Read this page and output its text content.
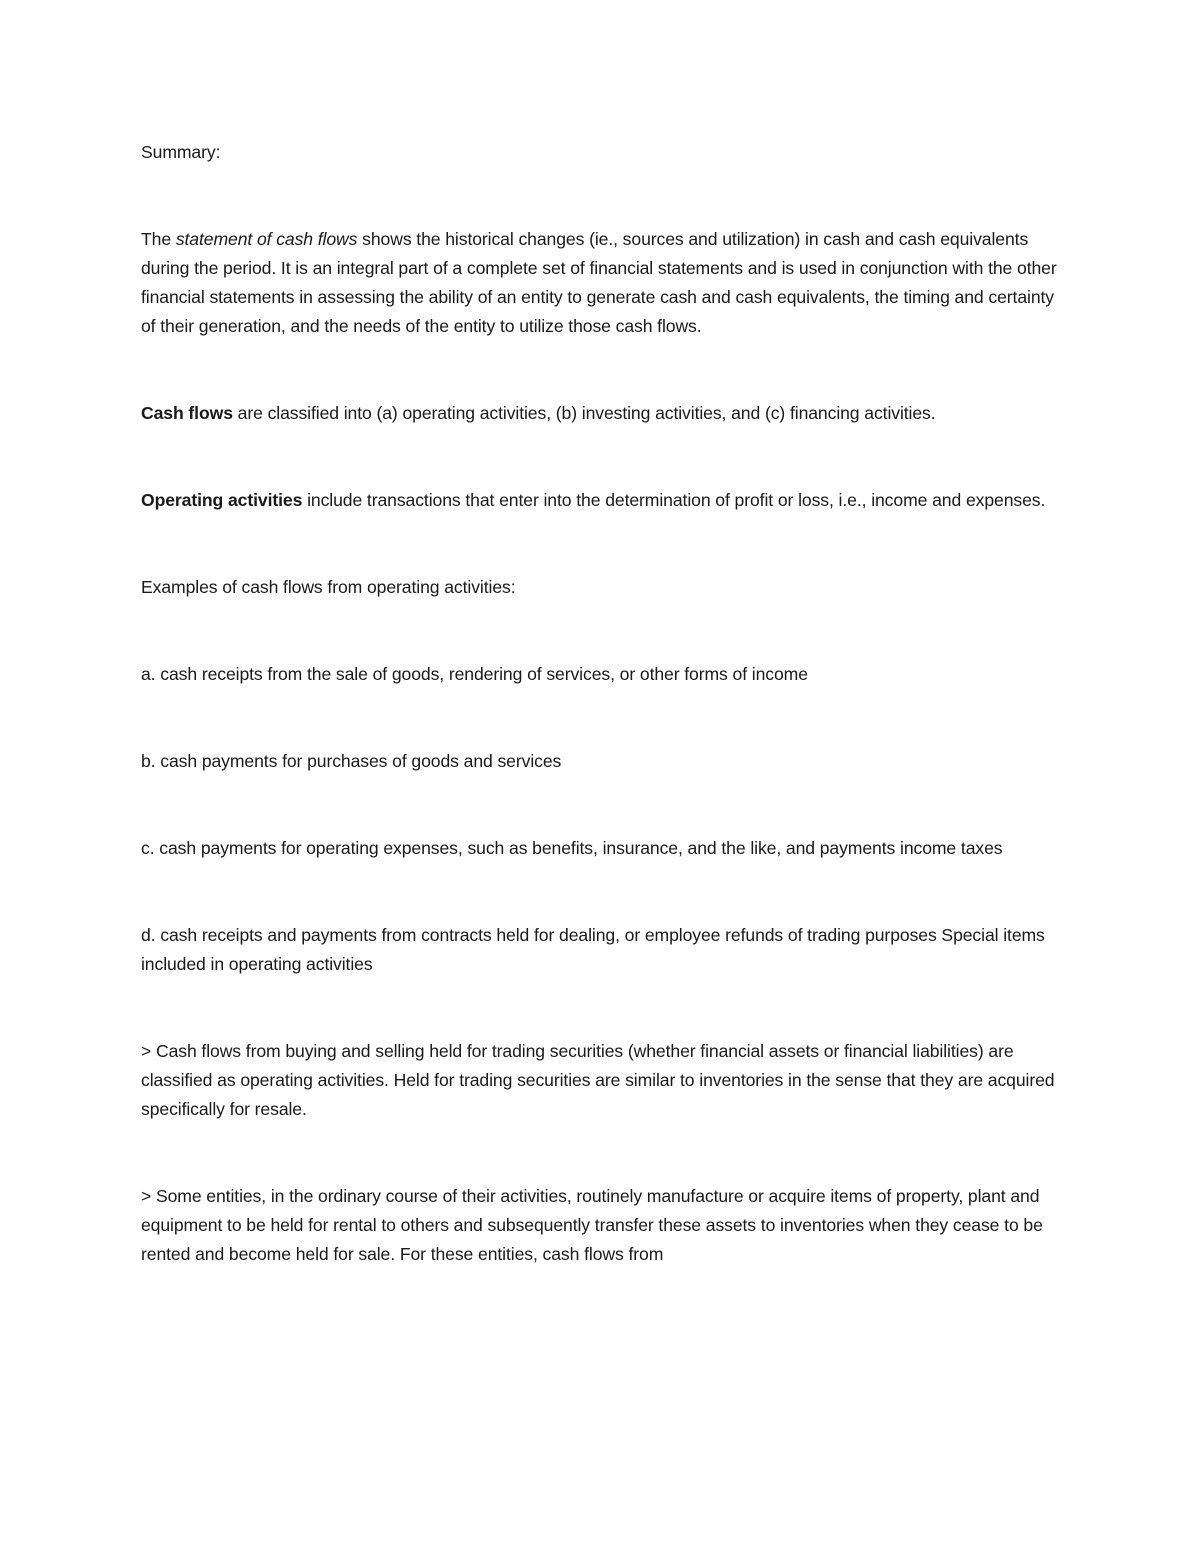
Summary:

The statement of cash flows shows the historical changes (ie., sources and utilization) in cash and cash equivalents during the period. It is an integral part of a complete set of financial statements and is used in conjunction with the other financial statements in assessing the ability of an entity to generate cash and cash equivalents, the timing and certainty of their generation, and the needs of the entity to utilize those cash flows.

Cash flows are classified into (a) operating activities, (b) investing activities, and (c) financing activities.

Operating activities include transactions that enter into the determination of profit or loss, i.e., income and expenses.

Examples of cash flows from operating activities:

a. cash receipts from the sale of goods, rendering of services, or other forms of income

b. cash payments for purchases of goods and services

c. cash payments for operating expenses, such as benefits, insurance, and the like, and payments income taxes

d. cash receipts and payments from contracts held for dealing, or employee refunds of trading purposes Special items included in operating activities

> Cash flows from buying and selling held for trading securities (whether financial assets or financial liabilities) are classified as operating activities. Held for trading securities are similar to inventories in the sense that they are acquired specifically for resale.

> Some entities, in the ordinary course of their activities, routinely manufacture or acquire items of property, plant and equipment to be held for rental to others and subsequently transfer these assets to inventories when they cease to be rented and become held for sale. For these entities, cash flows from
